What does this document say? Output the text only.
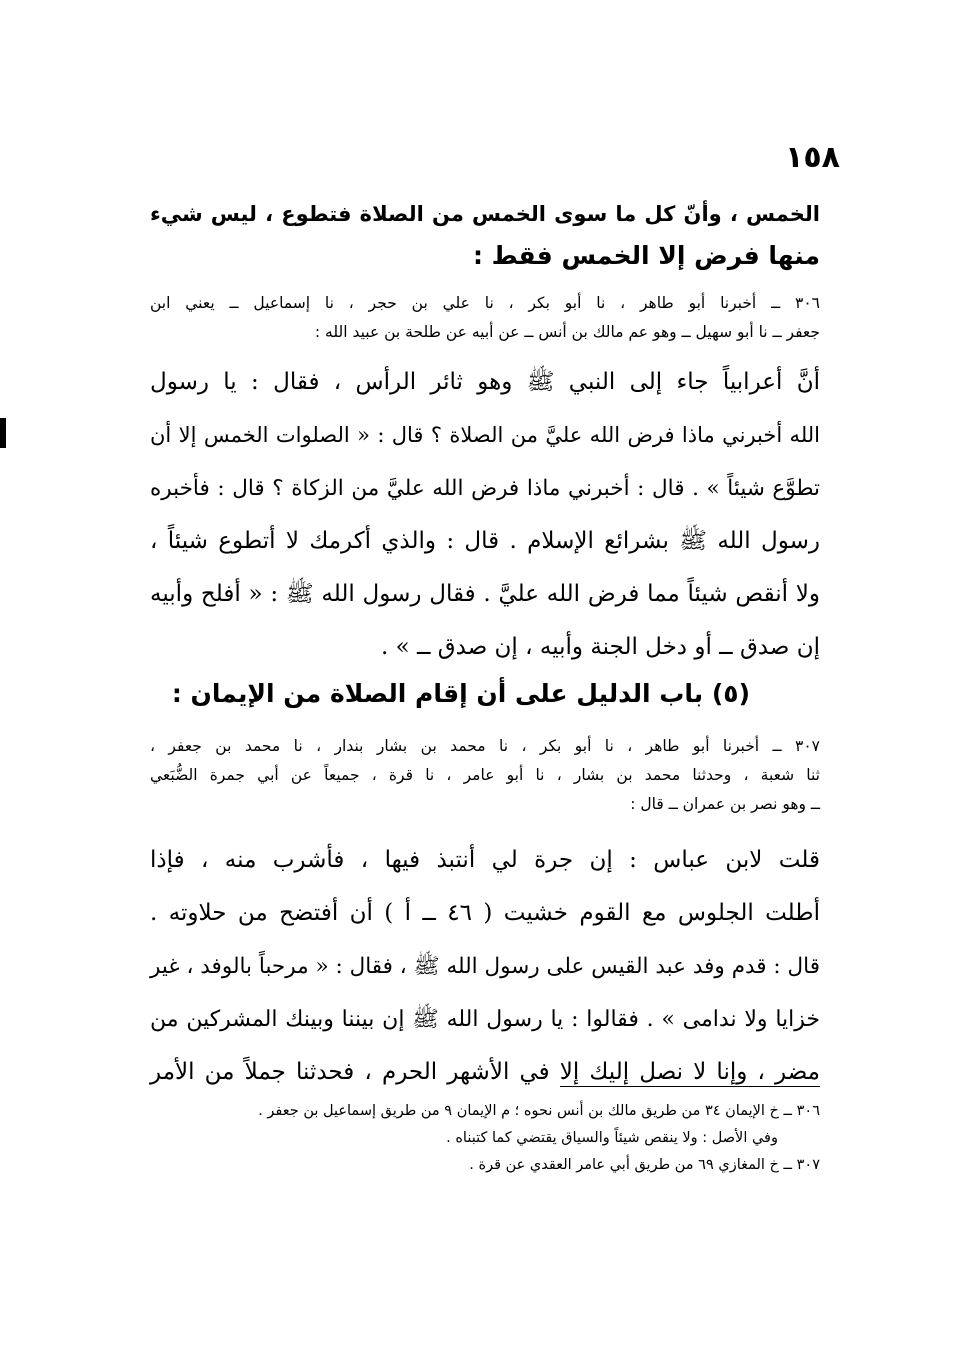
١٥٨
الخمس ، وأنّ كل ما سوى الخمس من الصلاة فتطوع ، ليس شيء
منها فرض إلا الخمس فقط :
٣٠٦ ــ أخبرنا أبو طاهر ، نا أبو بكر ، نا علي بن حجر ، نا إسماعيل ــ يعني ابن
جعفر ــ نا أبو سهيل ــ وهو عم مالك بن أنس ــ عن أبيه عن طلحة بن عبيد الله :
أنَّ أعرابياً جاء إلى النبي ﷺ وهو ثائر الرأس ، فقال : يا رسول
الله أخبرني ماذا فرض الله عليَّ من الصلاة ؟ قال : « الصلوات الخمس إلا أن
تطوَّع شيئاً » . قال : أخبرني ماذا فرض الله عليَّ من الزكاة ؟ قال : فأخبره
رسول الله ﷺ بشرائع الإسلام . قال : والذي أكرمك لا أتطوع شيئاً ،
ولا أنقص شيئاً مما فرض الله عليَّ . فقال رسول الله ﷺ : « أفلح وأبيه
إن صدق ــ أو دخل الجنة وأبيه ، إن صدق ــ » .
(٥) باب الدليل على أن إقام الصلاة من الإيمان :
٣٠٧ ــ أخبرنا أبو طاهر ، نا أبو بكر ، نا محمد بن بشار بندار ، نا محمد بن جعفر ،
ثنا شعبة ، وحدثنا محمد بن بشار ، نا أبو عامر ، نا قرة ، جميعاً عن أبي جمرة الضُّبَعي
ــ وهو نصر بن عمران ــ قال :
قلت لابن عباس : إن جرة لي أنتبذ فيها ، فأشرب منه ، فإذا
أطلت الجلوس مع القوم خشيت ( ٤٦ ــ أ ) أن أفتضح من حلاوته .
قال : قدم وفد عبد القيس على رسول الله ﷺ ، فقال : « مرحباً بالوفد ، غير
خزايا ولا ندامى » . فقالوا : يا رسول الله ﷺ إن بيننا وبينك المشركين من
مضر ، وإنا لا نصل إليك إلا في الأشهر الحرم ، فحدثنا جملاً من الأمر
٣٠٦ ــ خ الإيمان ٣٤ من طريق مالك بن أنس نحوه ؛ م الإيمان ٩ من طريق إسماعيل بن جعفر .
وفي الأصل : ولا ينقص شيئاً والسياق يقتضي كما كتبناه .
٣٠٧ ــ خ المغازي ٦٩ من طريق أبي عامر العقدي عن قرة .
